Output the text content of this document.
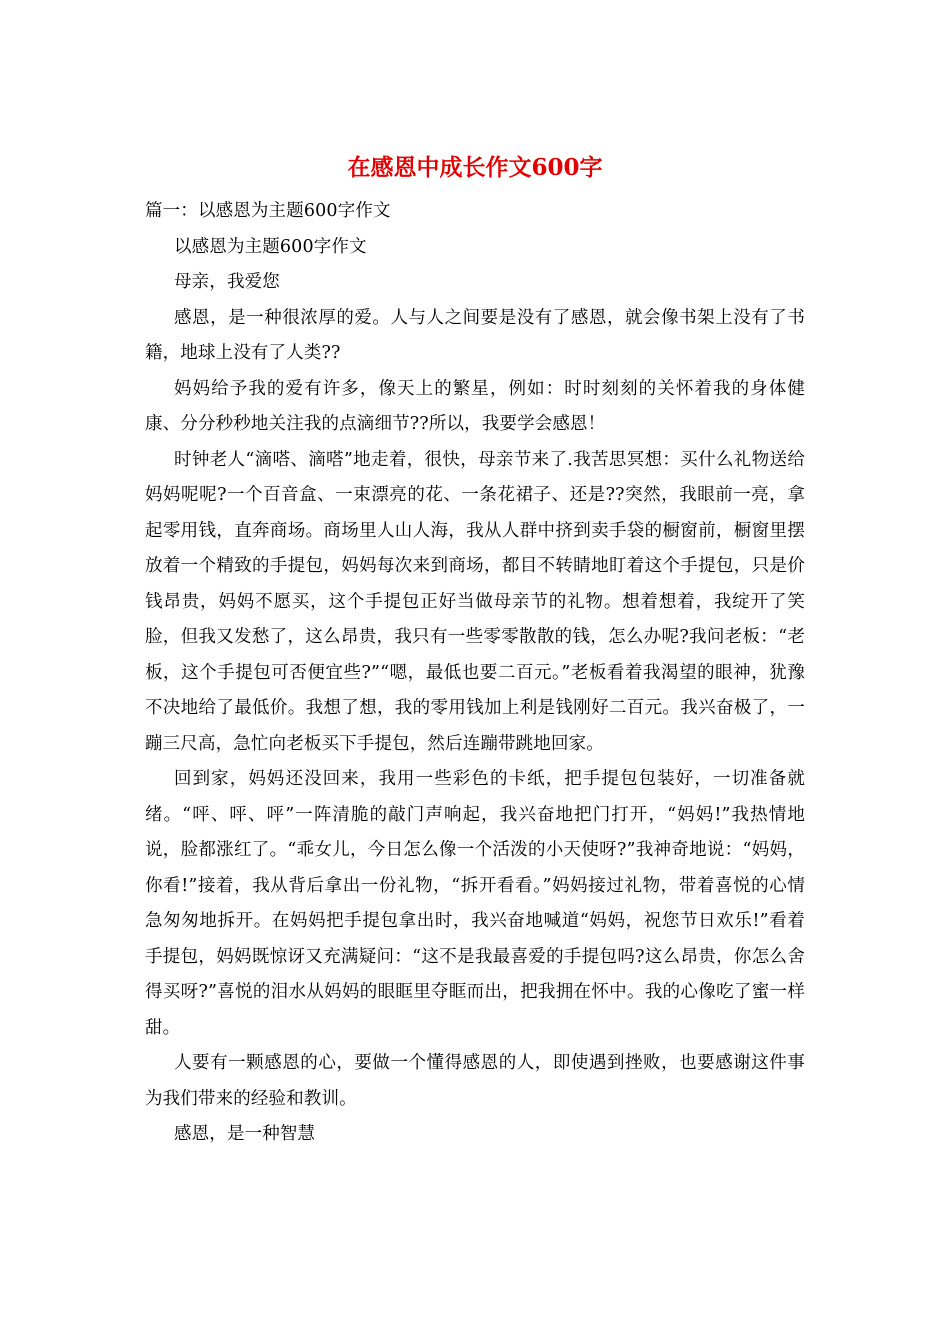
在感恩中成长作文600字

篇一：以感恩为主题600字作文

以感恩为主题600字作文

母亲，我爱您

感恩，是一种很浓厚的爱。人与人之间要是没有了感恩，就会像书架上没有了书籍，地球上没有了人类??

妈妈给予我的爱有许多，像天上的繁星，例如：时时刻刻的关怀着我的身体健康、分分秒秒地关注我的点滴细节??所以，我要学会感恩！

时钟老人“滴嗒、滴嗒”地走着，很快，母亲节来了.我苦思冥想：买什么礼物送给妈妈呢呢?一个百音盒、一束漂亮的花、一条花裙子、还是??突然，我眼前一亮，拿起零用钱，直奔商场。商场里人山人海，我从人群中挤到卖手袋的橱窗前，橱窗里摆放着一个精致的手提包，妈妈每次来到商场，都目不转睛地盯着这个手提包，只是价钱昂贵，妈妈不愿买，这个手提包正好当做母亲节的礼物。想着想着，我绽开了笑脸，但我又发愁了，这么昂贵，我只有一些零零散散的钱，怎么办呢?我问老板：“老板，这个手提包可否便宜些?”“嗯，最低也要二百元。”老板看着我渴望的眼神，犹豫不决地给了最低价。我想了想，我的零用钱加上利是钱刚好二百元。我兴奋极了，一蹦三尺高，急忙向老板买下手提包，然后连蹦带跳地回家。

回到家，妈妈还没回来，我用一些彩色的卡纸，把手提包包装好，一切准备就绪。“呯、呯、呯”一阵清脆的敲门声响起，我兴奋地把门打开，“妈妈!”我热情地说，脸都涨红了。“乖女儿，今日怎么像一个活泼的小天使呀?”我神奇地说：“妈妈，你看!”接着，我从背后拿出一份礼物，“拆开看看。”妈妈接过礼物，带着喜悦的心情急匆匆地拆开。在妈妈把手提包拿出时，我兴奋地喊道“妈妈，祝您节日欢乐!”看着手提包，妈妈既惊讶又充满疑问：“这不是我最喜爱的手提包吗?这么昂贵，你怎么舍得买呀?”喜悦的泪水从妈妈的眼眶里夺眶而出，把我拥在怀中。我的心像吃了蜜一样甜。

人要有一颗感恩的心，要做一个懂得感恩的人，即使遇到挫败，也要感谢这件事为我们带来的经验和教训。

感恩，是一种智慧
